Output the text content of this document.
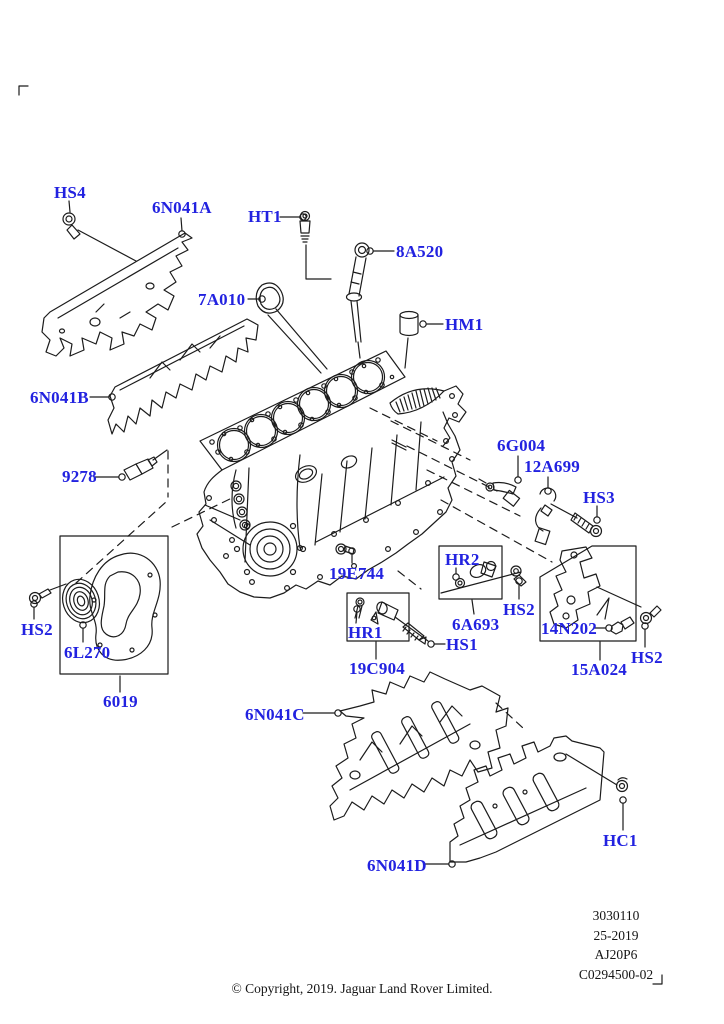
HS4
6N041A HT1
8A520
7A010
HM1
6N041B
9278
6G004
12A699
HS3
19E744
HR2
HS2
6A693
HS1
HR1	14N202
HS2
19C904	15A024
HS2
6L270
6019
6N041C
6N041D
HC1
3030110
25-2019
AJ20P6
C0294500-02
© Copyright, 2019. Jaguar Land Rover Limited.
